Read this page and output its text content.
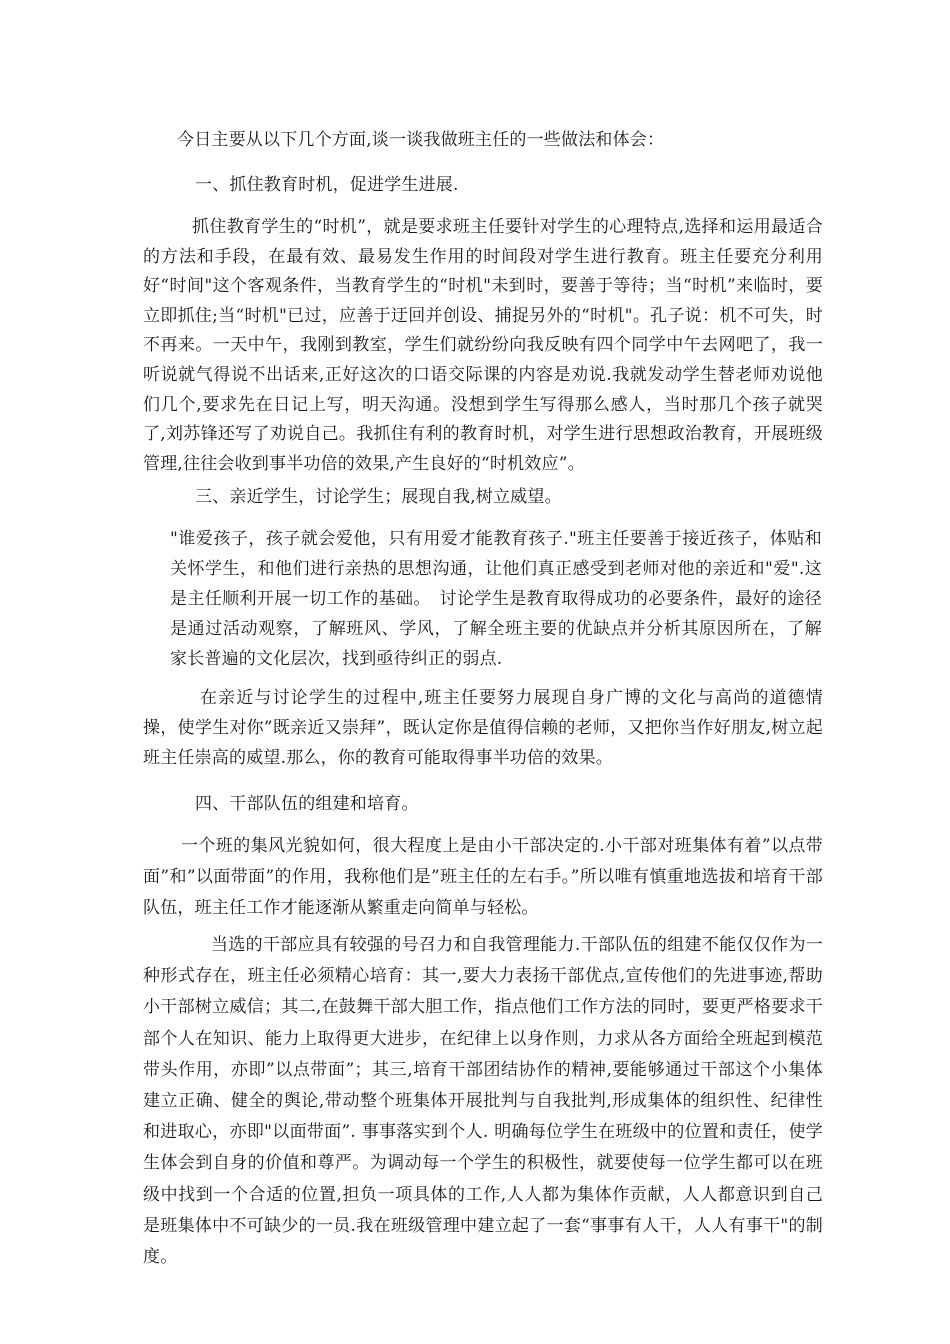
今日主要从以下几个方面,谈一谈我做班主任的一些做法和体会：

一、抓住教育时机，促进学生进展.

抓住教育学生的“时机”，就是要求班主任要针对学生的心理特点,选择和运用最适合的方法和手段，在最有效、最易发生作用的时间段对学生进行教育。班主任要充分利用好“时间"这个客观条件，当教育学生的“时机"未到时，要善于等待；当“时机”来临时，要立即抓住;当“时机"已过，应善于迂回并创设、捕捉另外的“时机"。孔子说：机不可失，时不再来。一天中午，我刚到教室，学生们就纷纷向我反映有四个同学中午去网吧了，我一听说就气得说不出话来,正好这次的口语交际课的内容是劝说.我就发动学生替老师劝说他们几个,要求先在日记上写，明天沟通。没想到学生写得那么感人，当时那几个孩子就哭了,刘苏锋还写了劝说自己。我抓住有利的教育时机，对学生进行思想政治教育，开展班级管理,往往会收到事半功倍的效果,产生良好的“时机效应”。

三、亲近学生，讨论学生；展现自我,树立威望。

"谁爱孩子，孩子就会爱他，只有用爱才能教育孩子."班主任要善于接近孩子，体贴和关怀学生，和他们进行亲热的思想沟通，让他们真正感受到老师对他的亲近和"爱".这是主任顺利开展一切工作的基础。　讨论学生是教育取得成功的必要条件，最好的途径是通过活动观察，了解班风、学风，了解全班主要的优缺点并分析其原因所在，了解家长普遍的文化层次，找到亟待纠正的弱点.

在亲近与讨论学生的过程中,班主任要努力展现自身广博的文化与高尚的道德情操，使学生对你”既亲近又崇拜”，既认定你是值得信赖的老师，又把你当作好朋友,树立起班主任崇高的威望.那么，你的教育可能取得事半功倍的效果。

四、干部队伍的组建和培育。

一个班的集风光貌如何，很大程度上是由小干部决定的.小干部对班集体有着”以点带面”和”以面带面”的作用，我称他们是”班主任的左右手。”所以唯有慎重地选拔和培育干部队伍，班主任工作才能逐渐从繁重走向简单与轻松。

当选的干部应具有较强的号召力和自我管理能力.干部队伍的组建不能仅仅作为一种形式存在，班主任必须精心培育：其一,要大力表扬干部优点,宣传他们的先进事迹,帮助小干部树立威信；其二,在鼓舞干部大胆工作，指点他们工作方法的同时，要更严格要求干部个人在知识、能力上取得更大进步，在纪律上以身作则，力求从各方面给全班起到模范带头作用，亦即”以点带面”；其三,培育干部团结协作的精神,要能够通过干部这个小集体建立正确、健全的舆论,带动整个班集体开展批判与自我批判,形成集体的组织性、纪律性和进取心，亦即"以面带面”. 事事落实到个人. 明确每位学生在班级中的位置和责任，使学生体会到自身的价值和尊严。为调动每一个学生的积极性，就要使每一位学生都可以在班级中找到一个合适的位置,担负一项具体的工作,人人都为集体作贡献，人人都意识到自己是班集体中不可缺少的一员.我在班级管理中建立起了一套“事事有人干，人人有事干"的制度。
